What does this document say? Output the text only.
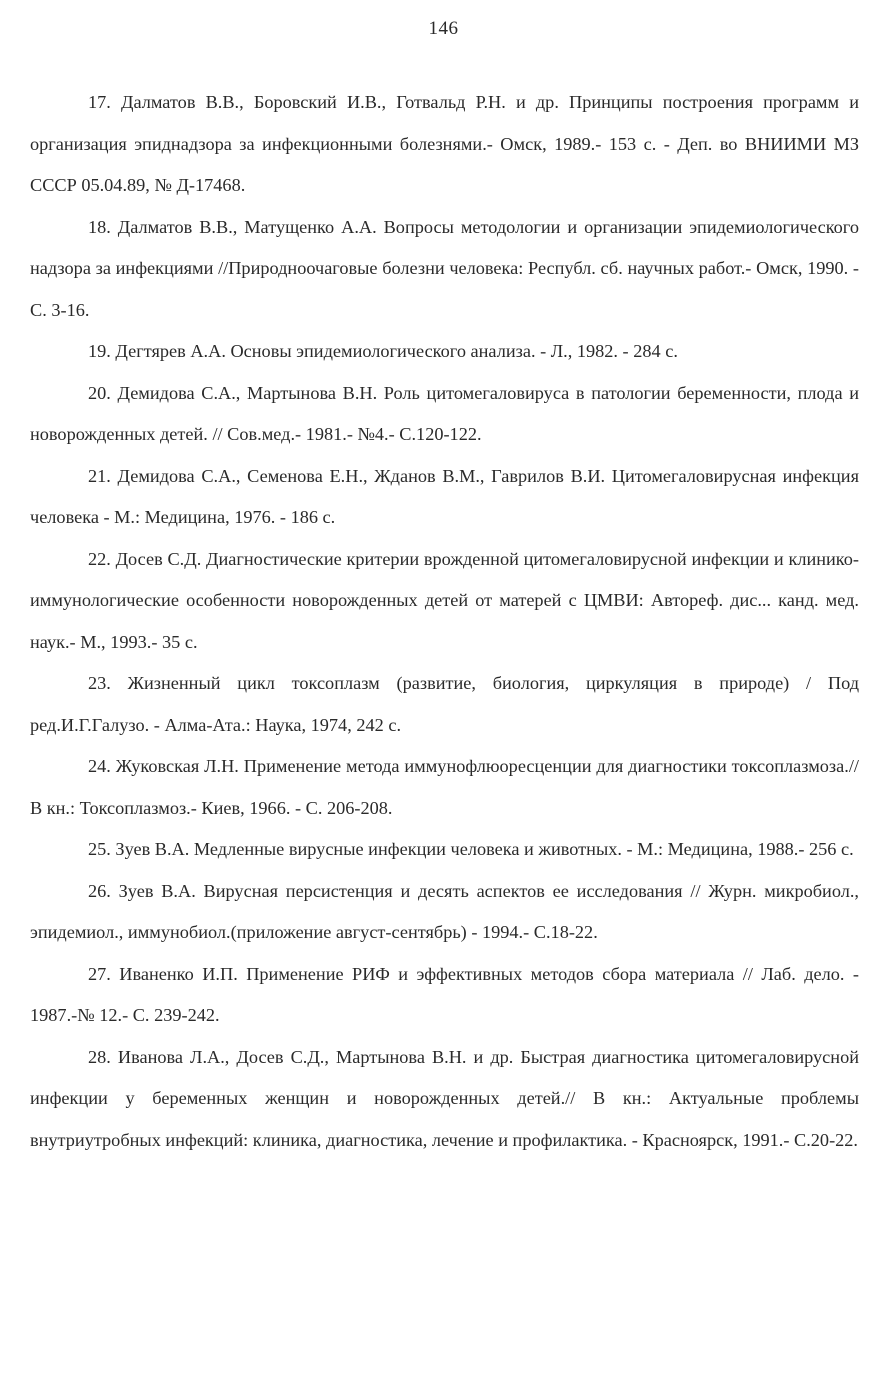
146
17. Далматов В.В., Боровский И.В., Готвальд Р.Н. и др. Принципы построения программ и организация эпиднадзора за инфекционными болезнями.- Омск, 1989.- 153 с. - Деп. во ВНИИМИ МЗ СССР 05.04.89, № Д-17468.
18. Далматов В.В., Матущенко А.А. Вопросы методологии и организации эпидемиологического надзора за инфекциями //Природноочаговые болезни человека: Республ. сб. научных работ.- Омск, 1990. - С. 3-16.
19. Дегтярев А.А. Основы эпидемиологического анализа. - Л., 1982. - 284 с.
20. Демидова С.А., Мартынова В.Н. Роль цитомегаловируса в патологии беременности, плода и новорожденных детей. // Сов.мед.- 1981.- №4.- С.120-122.
21. Демидова С.А., Семенова Е.Н., Жданов В.М., Гаврилов В.И. Цитомегаловирусная инфекция человека - М.: Медицина, 1976. - 186 с.
22. Досев С.Д. Диагностические критерии врожденной цитомегаловирусной инфекции и клинико-иммунологические особенности новорожденных детей от матерей с ЦМВИ: Автореф. дис... канд. мед. наук.- М., 1993.- 35 с.
23. Жизненный цикл токсоплазм (развитие, биология, циркуляция в природе) / Под ред.И.Г.Галузо. - Алма-Ата.: Наука, 1974, 242 с.
24. Жуковская Л.Н. Применение метода иммунофлюоресценции для диагностики токсоплазмоза.// В кн.: Токсоплазмоз.- Киев, 1966. - С. 206-208.
25. Зуев В.А. Медленные вирусные инфекции человека и животных. - М.: Медицина, 1988.- 256 с.
26. Зуев В.А. Вирусная персистенция и десять аспектов ее исследования // Журн. микробиол., эпидемиол., иммунобиол.(приложение август-сентябрь) - 1994.- С.18-22.
27. Иваненко И.П. Применение РИФ и эффективных методов сбора материала // Лаб. дело. - 1987.-№ 12.- С. 239-242.
28. Иванова Л.А., Досев С.Д., Мартынова В.Н. и др. Быстрая диагностика цитомегаловирусной инфекции у беременных женщин и новорожденных детей.// В кн.: Актуальные проблемы внутриутробных инфекций: клиника, диагностика, лечение и профилактика. - Красноярск, 1991.- С.20-22.
